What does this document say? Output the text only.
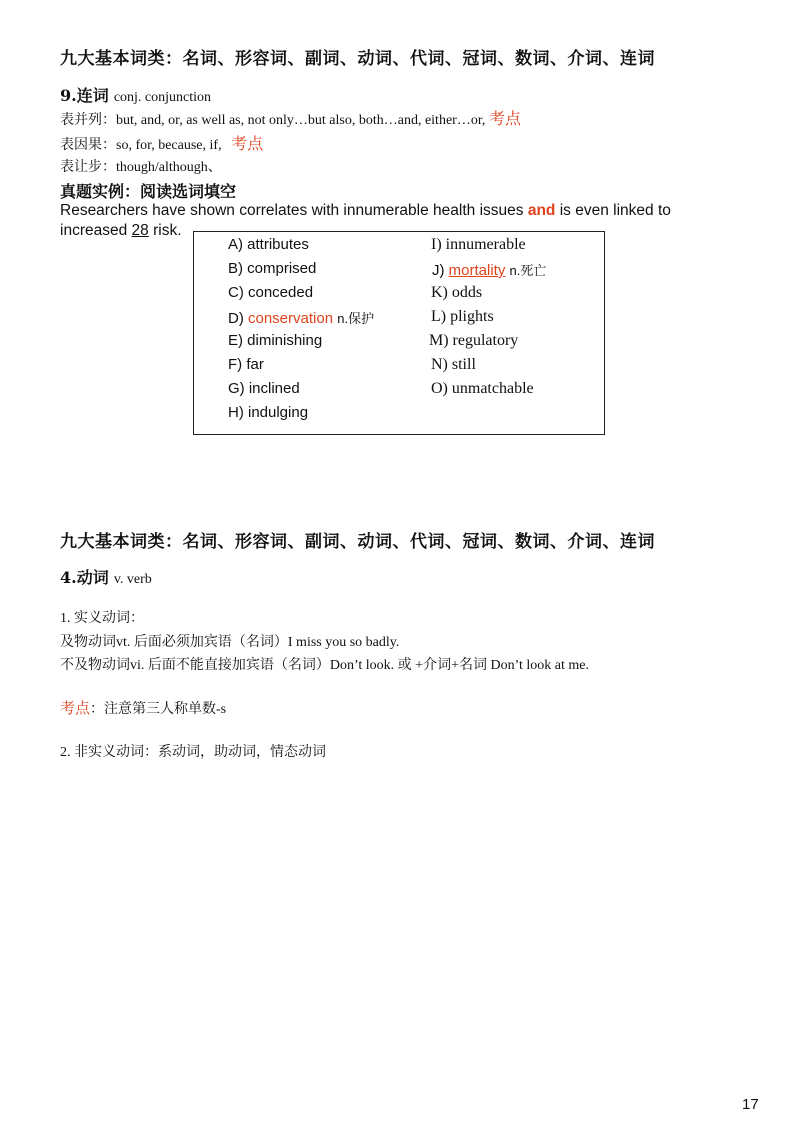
九大基本词类：名词、形容词、副词、动词、代词、冠词、数词、介词、连词
9.连词 conj. conjunction
表并列：but, and, or, as well as, not only…but also, both…and, either…or, 考点
表因果：so, for, because, if, 考点
表让步：though/although、
真题实例：阅读选词填空
Researchers have shown correlates with innumerable health issues and is even linked to
increased 28 risk.
A) attributes
B) comprised
C) conceded
D) conservation n.保护
E) diminishing
F) far
G) inclined
H) indulging
I) innumerable
J) mortality n.死亡
K) odds
L) plights
M) regulatory
N) still
O) unmatchable
九大基本词类：名词、形容词、副词、动词、代词、冠词、数词、介词、连词
4.动词 v. verb
1. 实义动词：
及物动词vt. 后面必须加宾语（名词）I miss you so badly.
不及物动词vi. 后面不能直接加宾语（名词）Don’t look. 或 +介词+名词 Don’t look at me.
考点：注意第三人称单数-s
2. 非实义动词：系动词，助动词，情态动词
17
